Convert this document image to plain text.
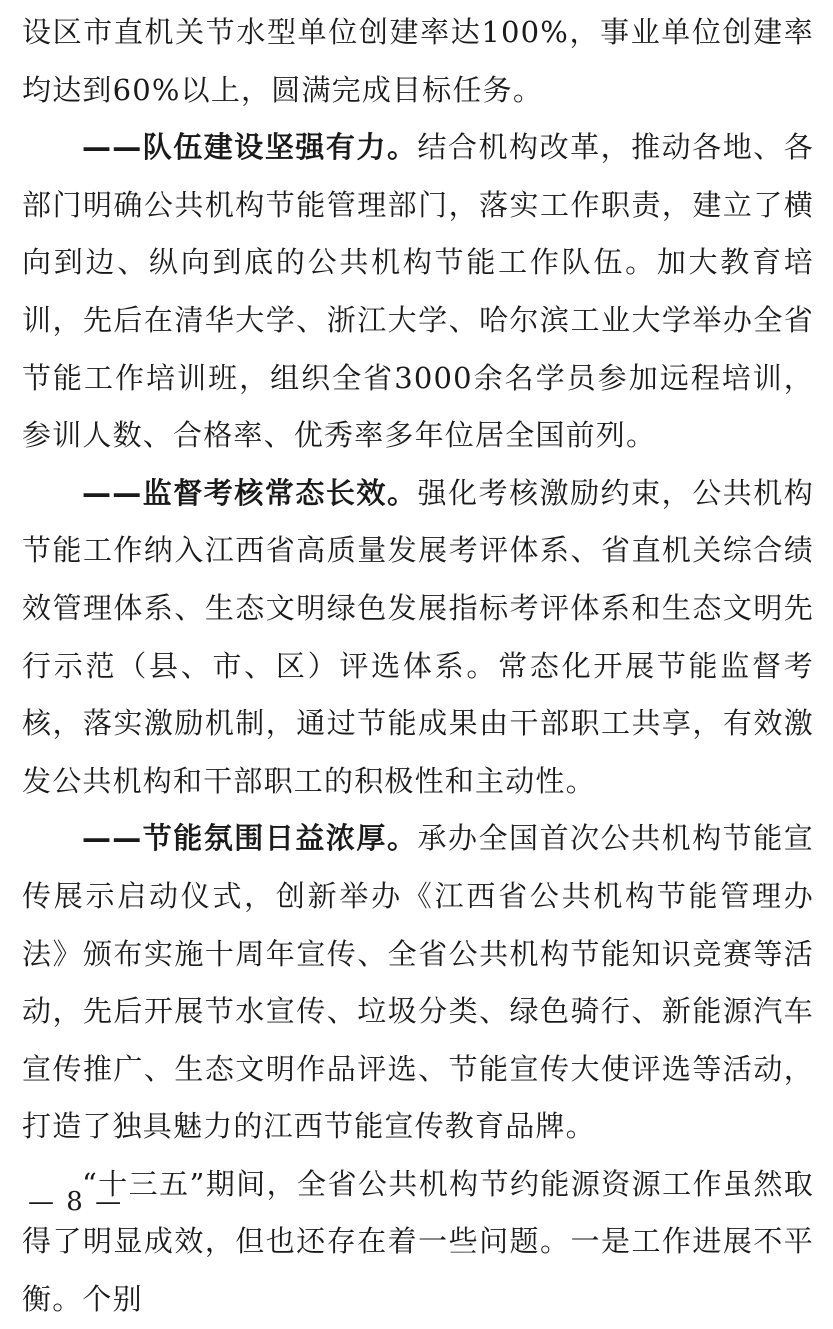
设区市直机关节水型单位创建率达100%，事业单位创建率均达到60%以上，圆满完成目标任务。

——队伍建设坚强有力。结合机构改革，推动各地、各部门明确公共机构节能管理部门，落实工作职责，建立了横向到边、纵向到底的公共机构节能工作队伍。加大教育培训，先后在清华大学、浙江大学、哈尔滨工业大学举办全省节能工作培训班，组织全省3000余名学员参加远程培训，参训人数、合格率、优秀率多年位居全国前列。

——监督考核常态长效。强化考核激励约束，公共机构节能工作纳入江西省高质量发展考评体系、省直机关综合绩效管理体系、生态文明绿色发展指标考评体系和生态文明先行示范（县、市、区）评选体系。常态化开展节能监督考核，落实激励机制，通过节能成果由干部职工共享，有效激发公共机构和干部职工的积极性和主动性。

——节能氛围日益浓厚。承办全国首次公共机构节能宣传展示启动仪式，创新举办《江西省公共机构节能管理办法》颁布实施十周年宣传、全省公共机构节能知识竞赛等活动，先后开展节水宣传、垃圾分类、绿色骑行、新能源汽车宣传推广、生态文明作品评选、节能宣传大使评选等活动，打造了独具魅力的江西节能宣传教育品牌。

“十三五”期间，全省公共机构节约能源资源工作虽然取得了明显成效，但也还存在着一些问题。一是工作进展不平衡。个别

— 8 —
